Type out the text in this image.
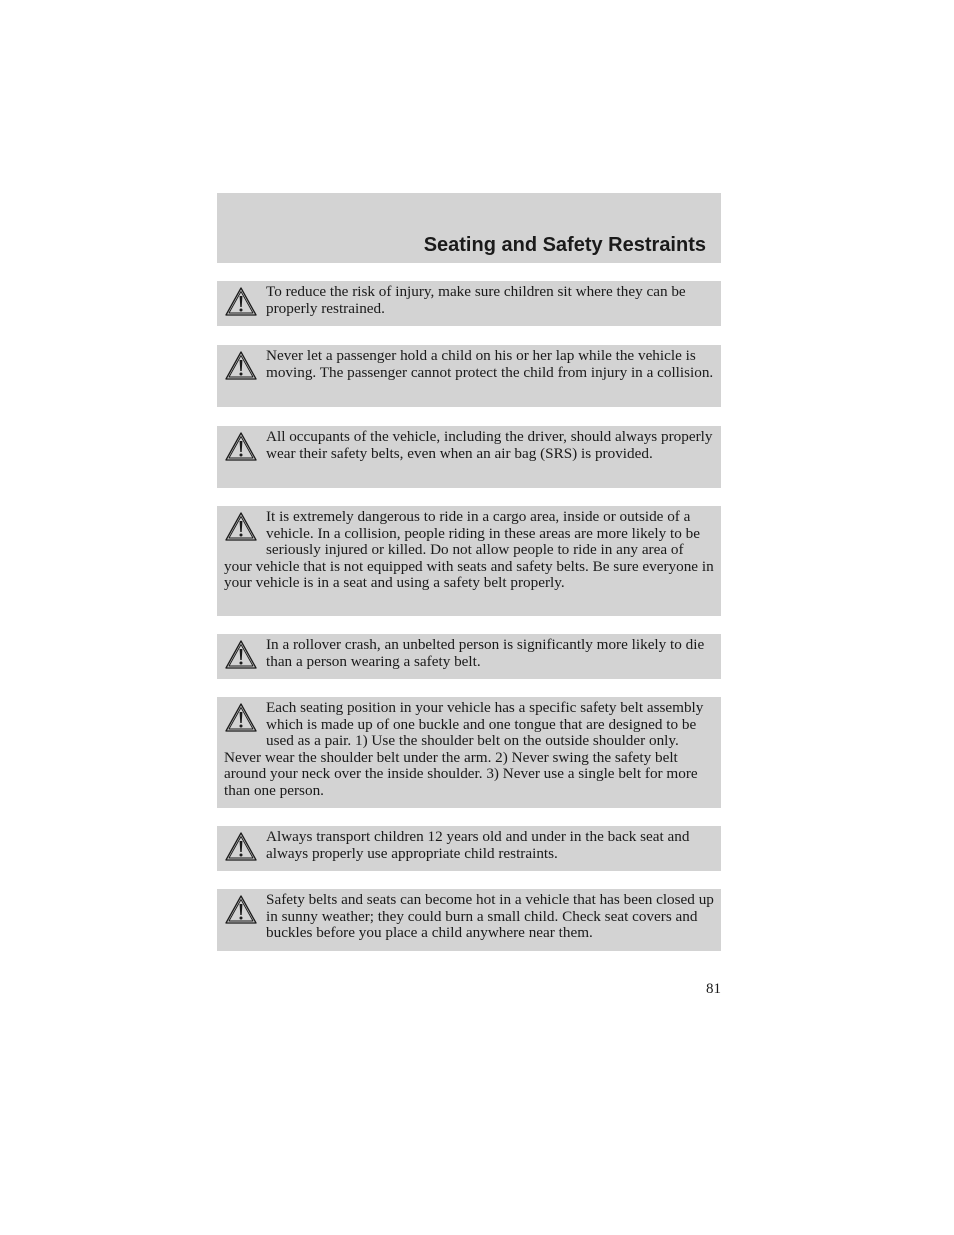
Seating and Safety Restraints
To reduce the risk of injury, make sure children sit where they can be properly restrained.
Never let a passenger hold a child on his or her lap while the vehicle is moving. The passenger cannot protect the child from injury in a collision.
All occupants of the vehicle, including the driver, should always properly wear their safety belts, even when an air bag (SRS) is provided.
It is extremely dangerous to ride in a cargo area, inside or outside of a vehicle. In a collision, people riding in these areas are more likely to be seriously injured or killed. Do not allow people to ride in any area of your vehicle that is not equipped with seats and safety belts. Be sure everyone in your vehicle is in a seat and using a safety belt properly.
In a rollover crash, an unbelted person is significantly more likely to die than a person wearing a safety belt.
Each seating position in your vehicle has a specific safety belt assembly which is made up of one buckle and one tongue that are designed to be used as a pair. 1) Use the shoulder belt on the outside shoulder only. Never wear the shoulder belt under the arm. 2) Never swing the safety belt around your neck over the inside shoulder. 3) Never use a single belt for more than one person.
Always transport children 12 years old and under in the back seat and always properly use appropriate child restraints.
Safety belts and seats can become hot in a vehicle that has been closed up in sunny weather; they could burn a small child. Check seat covers and buckles before you place a child anywhere near them.
81
